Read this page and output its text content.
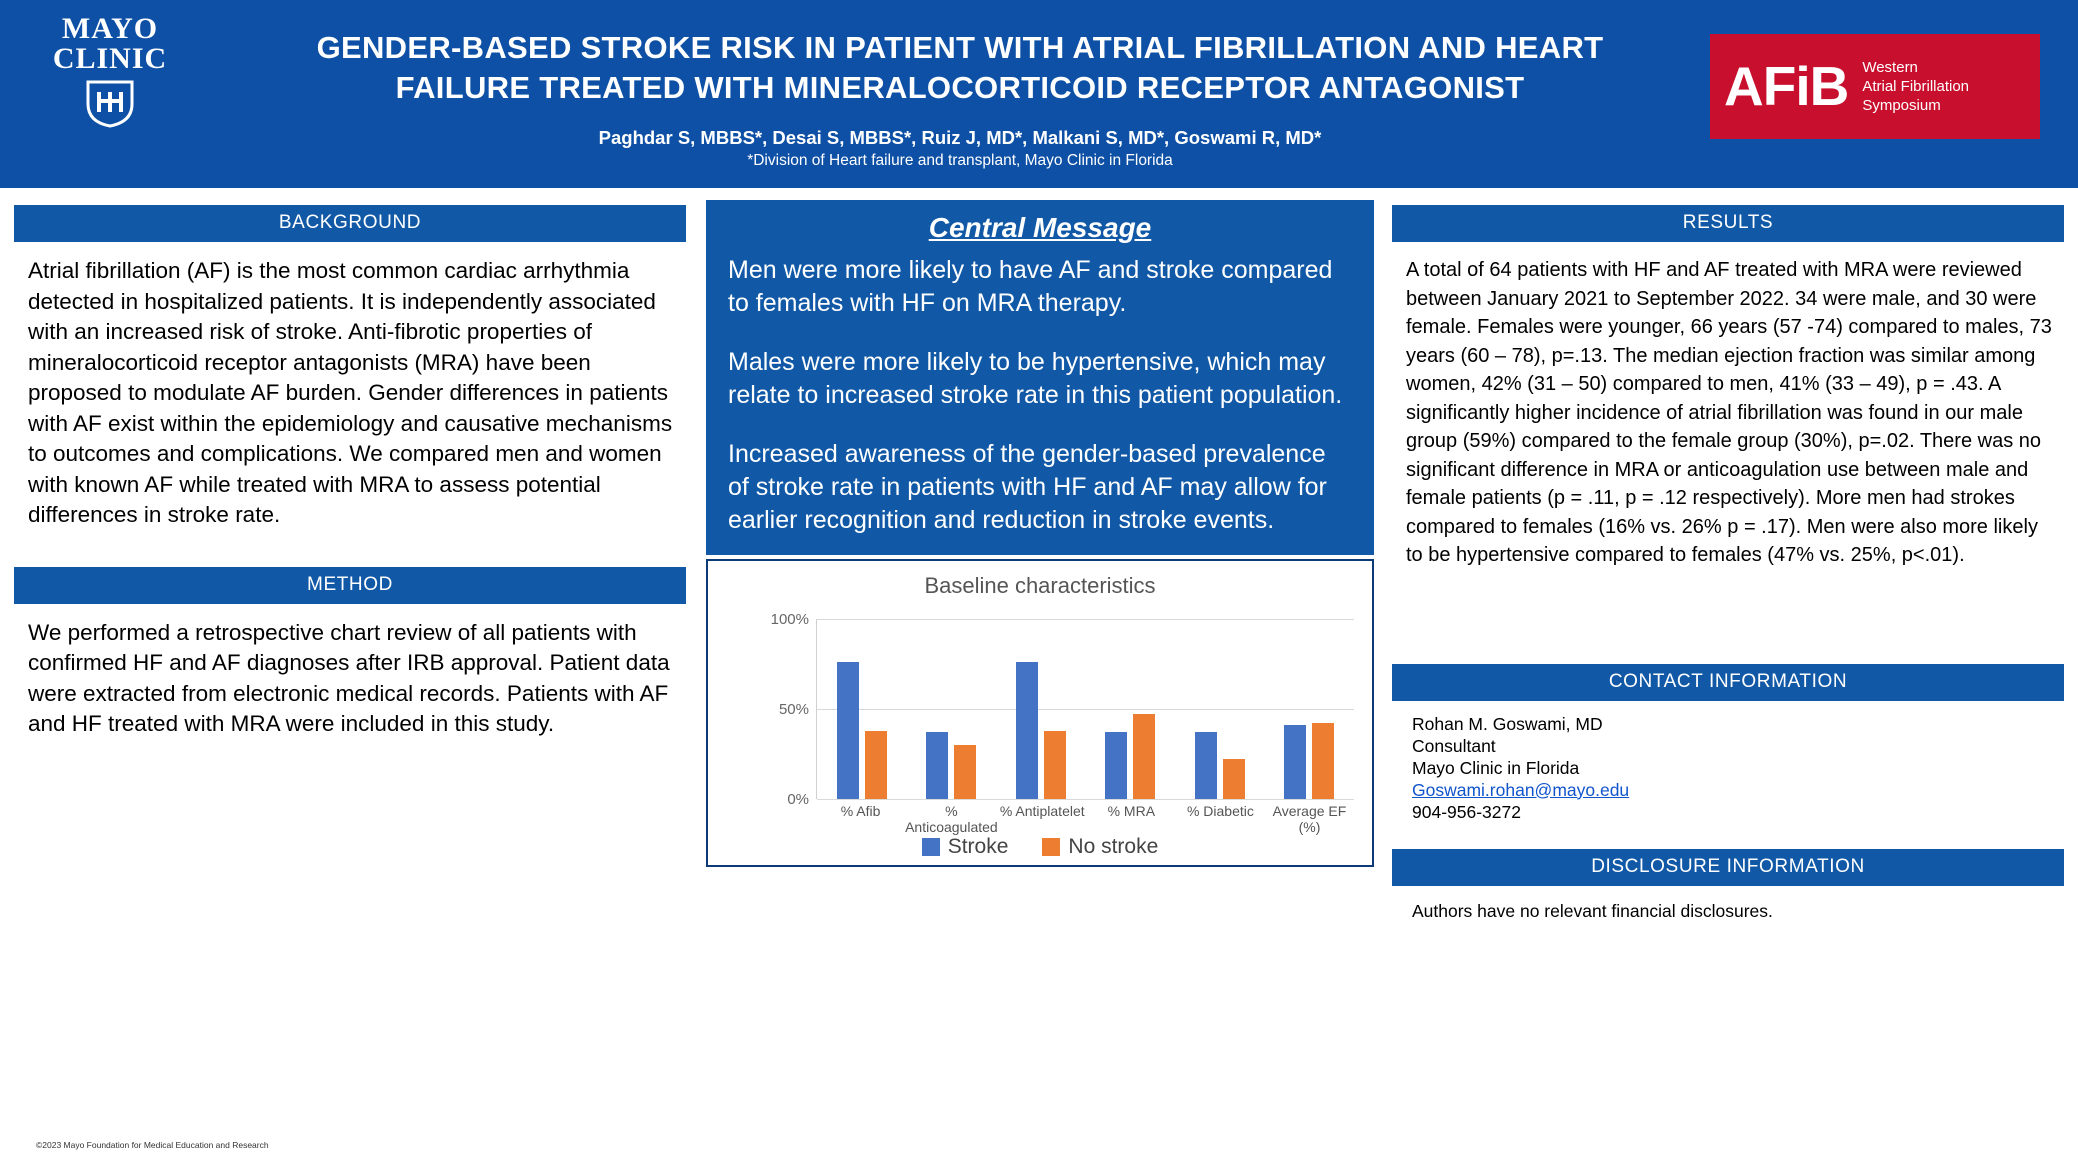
MAYO
CLINIC	GENDER-BASED STROKE RISK IN PATIENT WITH ATRIAL FIBRILLATION AND HEART
FAILURE TREATED WITH MINERALOCORTICOID RECEPTOR ANTAGONIST
Paghdar S, MBBS*, Desai S, MBBS*, Ruiz J, MD*, Malkani S, MD*, Goswami R, MD*
*Division of Heart failure and transplant, Mayo Clinic in Florida
AFiB Western
Atrial Fibrillation
Symposium
BACKGROUND
Atrial fibrillation (AF) is the most common cardiac arrhythmia detected in hospitalized patients. It is independently associated with an increased risk of stroke. Anti-fibrotic properties of mineralocorticoid receptor antagonists (MRA) have been proposed to modulate AF burden. Gender differences in patients with AF exist within the epidemiology and causative mechanisms to outcomes and complications. We compared men and women with known AF while treated with MRA to assess potential differences in stroke rate.
METHOD
We performed a retrospective chart review of all patients with confirmed HF and AF diagnoses after IRB approval. Patient data were extracted from electronic medical records. Patients with AF and HF treated with MRA were included in this study.
Central Message

Men were more likely to have AF and stroke compared to females with HF on MRA therapy.

Males were more likely to be hypertensive, which may relate to increased stroke rate in this patient population.

Increased awareness of the gender-based prevalence of stroke rate in patients with HF and AF may allow for earlier recognition and reduction in stroke events.

Baseline characteristics
0%
50%
100%
% Afib	% Anticoagulated
% Antiplatelet	% MRA	% Diabetic	Average EF (%)
Stroke	No stroke
RESULTS
A total of 64 patients with HF and AF treated with MRA were reviewed between January 2021 to September 2022. 34 were male, and 30 were female. Females were younger, 66 years (57 -74) compared to males, 73 years (60 – 78), p=.13. The median ejection fraction was similar among women, 42% (31 – 50) compared to men, 41% (33 – 49), p = .43. A significantly higher incidence of atrial fibrillation was found in our male group (59%) compared to the female group (30%), p=.02. There was no significant difference in MRA or anticoagulation use between male and female patients (p = .11, p = .12 respectively). More men had strokes compared to females (16% vs. 26% p = .17). Men were also more likely to be hypertensive compared to females (47% vs. 25%, p<.01).
CONTACT INFORMATION
Rohan M. Goswami, MD
Consultant
Mayo Clinic in Florida
Goswami.rohan@mayo.edu
904-956-3272
DISCLOSURE INFORMATION
Authors have no relevant financial disclosures.
©2023 Mayo Foundation for Medical Education and Research
